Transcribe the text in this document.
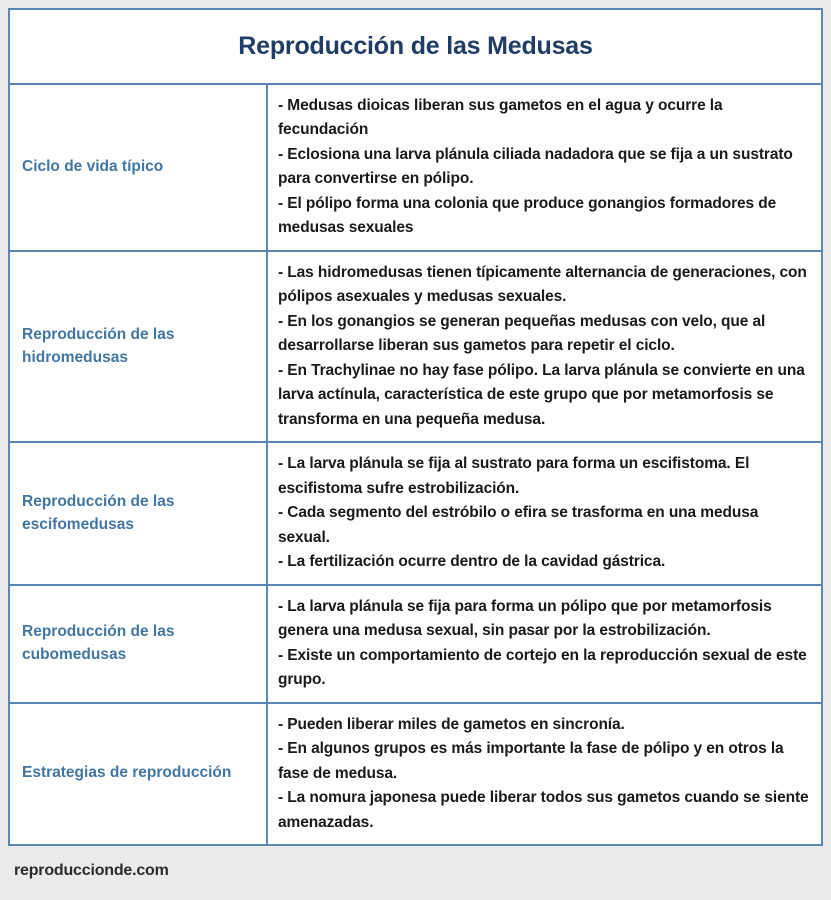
Reproducción de las Medusas
Ciclo de vida típico
- Medusas dioicas liberan sus gametos en el agua y ocurre la fecundación
- Eclosiona una larva plánula ciliada nadadora que se fija a un sustrato para convertirse en pólipo.
- El pólipo forma una colonia que produce gonangios formadores de medusas sexuales
Reproducción de las hidromedusas
- Las hidromedusas tienen típicamente alternancia de generaciones, con pólipos asexuales y medusas sexuales.
- En los gonangios se generan pequeñas medusas con velo, que al desarrollarse liberan sus gametos para repetir el ciclo.
- En Trachylinae no hay fase pólipo. La larva plánula se convierte en una larva actínula, característica de este grupo que por metamorfosis se transforma en una pequeña medusa.
Reproducción de las escifomedusas
- La larva plánula se fija al sustrato para forma un escifistoma. El escifistoma sufre estrobilización.
- Cada segmento del estróbilo o efira se trasforma en una medusa sexual.
- La fertilización ocurre dentro de la cavidad gástrica.
Reproducción de las cubomedusas
- La larva plánula se fija para forma un pólipo que por metamorfosis genera una medusa sexual, sin pasar por la estrobilización.
- Existe un comportamiento de cortejo en la reproducción sexual de este grupo.
Estrategias de reproducción
- Pueden liberar miles de gametos en sincronía.
- En algunos grupos es más importante la fase de pólipo y en otros la fase de medusa.
- La nomura japonesa puede liberar todos sus gametos cuando se siente amenazadas.
reproduccionde.com
